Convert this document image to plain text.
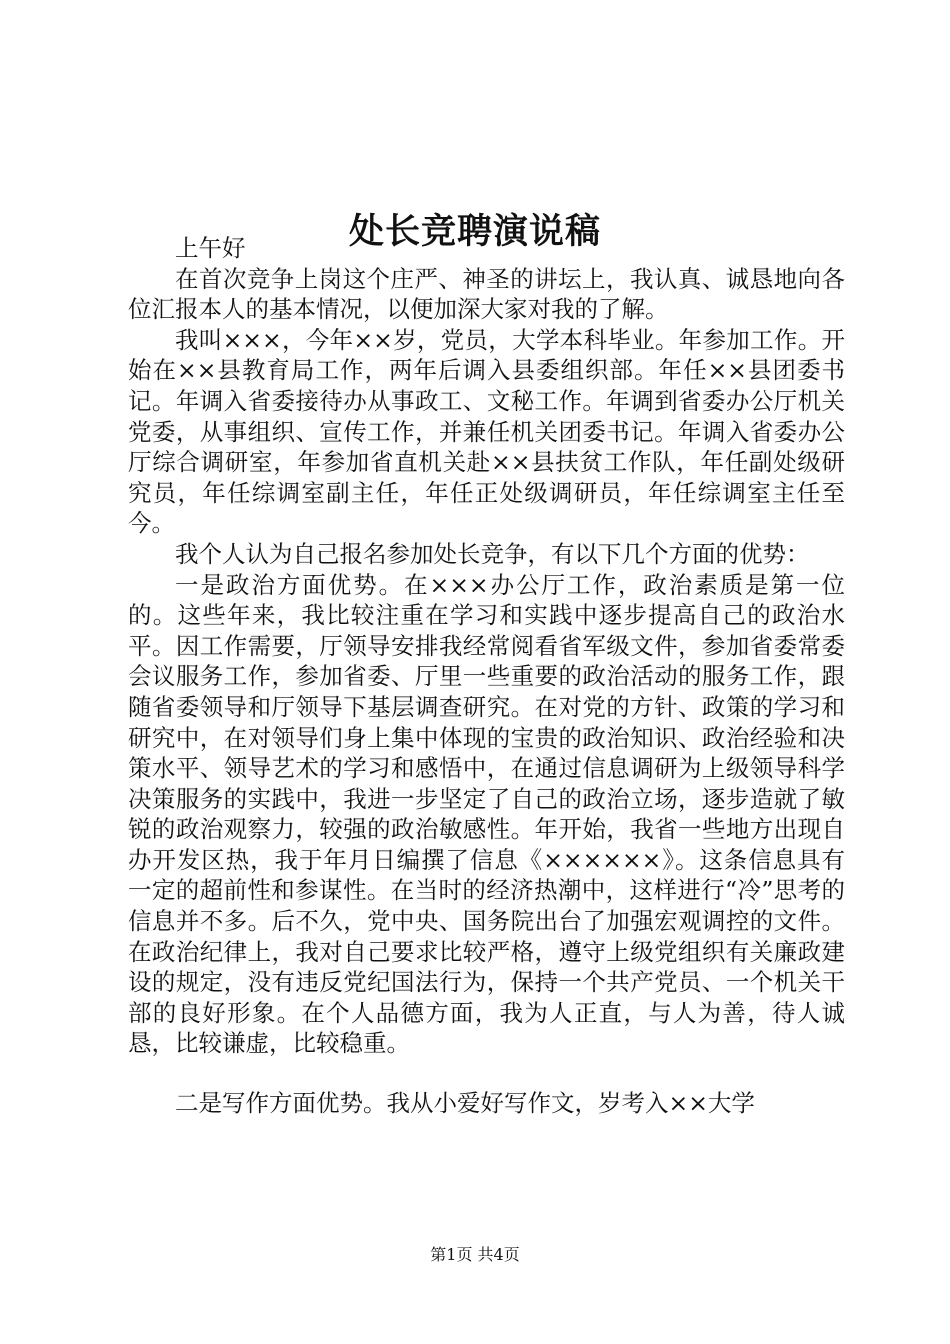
处长竞聘演说稿

上午好

在首次竞争上岗这个庄严、神圣的讲坛上，我认真、诚恳地向各位汇报本人的基本情况，以便加深大家对我的了解。

我叫×××，今年××岁，党员，大学本科毕业。年参加工作。开始在××县教育局工作，两年后调入县委组织部。年任××县团委书记。年调入省委接待办从事政工、文秘工作。年调到省委办公厅机关党委，从事组织、宣传工作，并兼任机关团委书记。年调入省委办公厅综合调研室，年参加省直机关赴××县扶贫工作队，年任副处级研究员，年任综调室副主任，年任正处级调研员，年任综调室主任至今。

我个人认为自己报名参加处长竞争，有以下几个方面的优势：

一是政治方面优势。在×××办公厅工作，政治素质是第一位的。这些年来，我比较注重在学习和实践中逐步提高自己的政治水平。因工作需要，厅领导安排我经常阅看省军级文件，参加省委常委会议服务工作，参加省委、厅里一些重要的政治活动的服务工作，跟随省委领导和厅领导下基层调查研究。在对党的方针、政策的学习和研究中，在对领导们身上集中体现的宝贵的政治知识、政治经验和决策水平、领导艺术的学习和感悟中，在通过信息调研为上级领导科学决策服务的实践中，我进一步坚定了自己的政治立场，逐步造就了敏锐的政治观察力，较强的政治敏感性。年开始，我省一些地方出现自办开发区热，我于年月日编撰了信息《××××××》。这条信息具有一定的超前性和参谋性。在当时的经济热潮中，这样进行“冷”思考的信息并不多。后不久，党中央、国务院出台了加强宏观调控的文件。在政治纪律上，我对自己要求比较严格，遵守上级党组织有关廉政建设的规定，没有违反党纪国法行为，保持一个共产党员、一个机关干部的良好形象。在个人品德方面，我为人正直，与人为善，待人诚恳，比较谦虚，比较稳重。

二是写作方面优势。我从小爱好写作文，岁考入××大学

第1页 共4页
